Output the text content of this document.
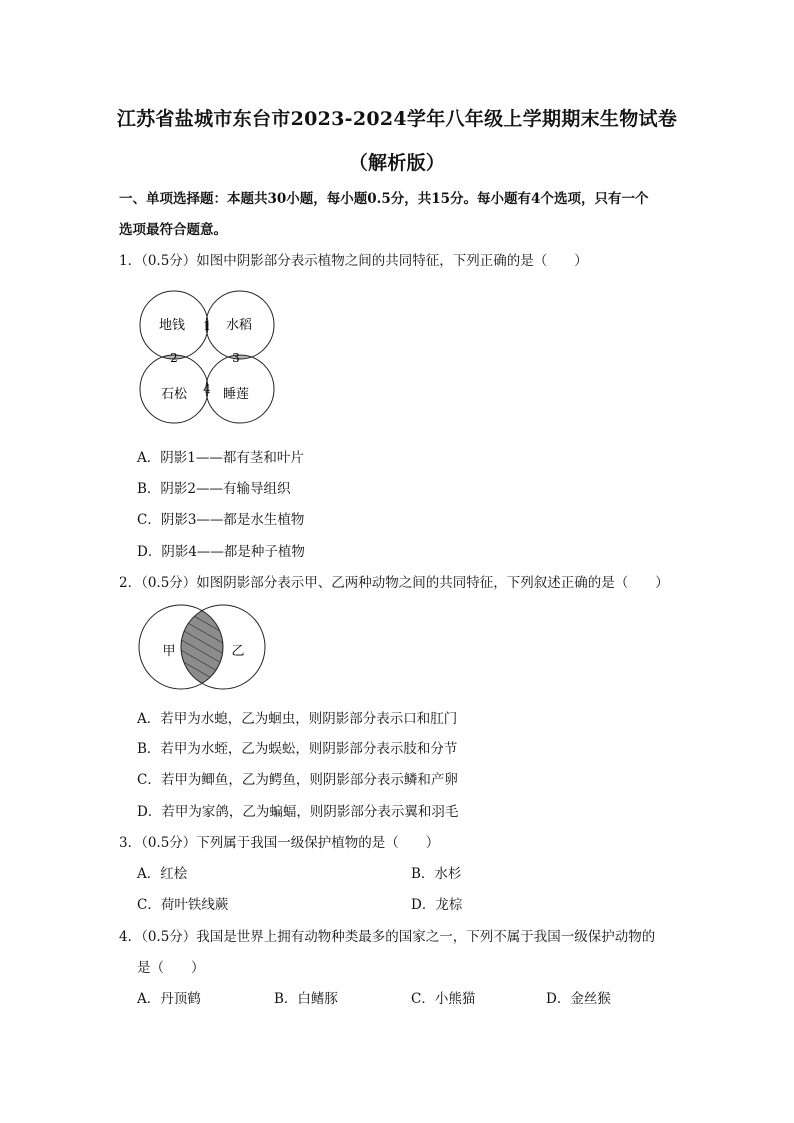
江苏省盐城市东台市2023-2024学年八年级上学期期末生物试卷
（解析版）
一、单项选择题：本题共30小题，每小题0.5分，共15分。每小题有4个选项，只有一个
选项最符合题意。
1．（0.5分）如图中阴影部分表示植物之间的共同特征，下列正确的是（　　）
地钱	水稻
石松	睡莲
1
2	3
4
A．阴影1——都有茎和叶片
B．阴影2——有输导组织
C．阴影3——都是水生植物
D．阴影4——都是种子植物
2．（0.5分）如图阴影部分表示甲、乙两种动物之间的共同特征，下列叙述正确的是（　　）
甲	乙
A．若甲为水螅，乙为蛔虫，则阴影部分表示口和肛门
B．若甲为水蛭，乙为蜈蚣，则阴影部分表示肢和分节
C．若甲为鲫鱼，乙为鳄鱼，则阴影部分表示鳞和产卵
D．若甲为家鸽，乙为蝙蝠，则阴影部分表示翼和羽毛
3．（0.5分）下列属于我国一级保护植物的是（　　）
A．红桧	B．水杉
C．荷叶铁线蕨	D．龙棕
4．（0.5分）我国是世界上拥有动物种类最多的国家之一，下列不属于我国一级保护动物的
是（　　）
A．丹顶鹤	B．白鳍豚	C．小熊猫	D．金丝猴
